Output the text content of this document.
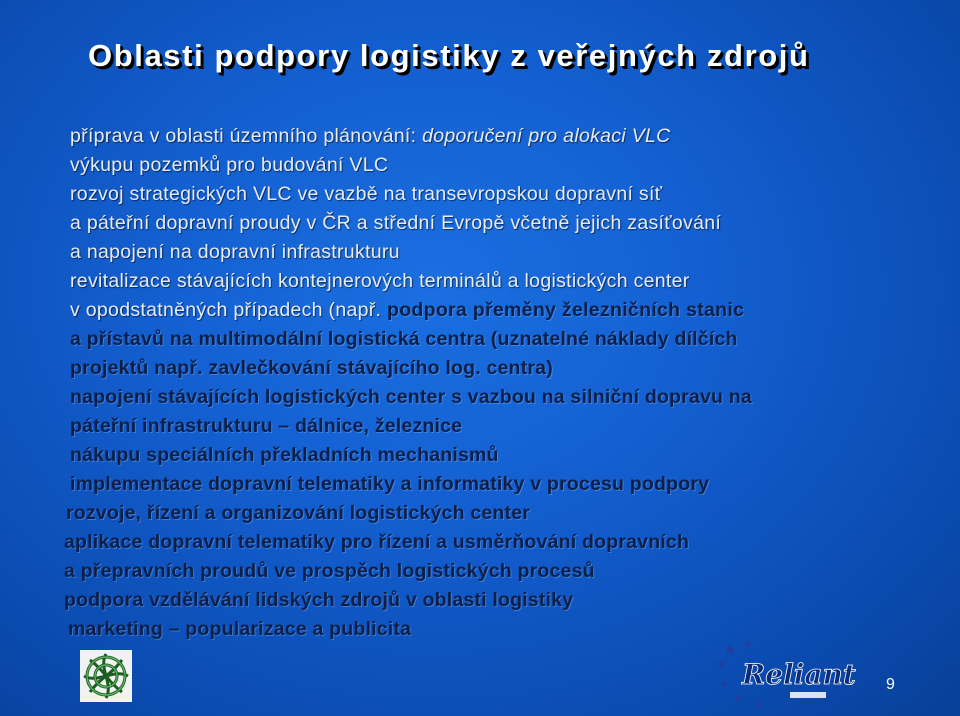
Oblasti podpory logistiky z veřejných zdrojů

příprava v oblasti územního plánování: doporučení pro alokaci VLC

výkupu pozemků pro budování VLC

rozvoj strategických VLC ve vazbě na transevropskou dopravní síť

a páteřní dopravní proudy v ČR a střední Evropě včetně jejich zasíťování

a napojení na dopravní infrastrukturu

revitalizace stávajících kontejnerových terminálů a logistických center

v opodstatněných případech (např. podpora přeměny železničních stanic

a přístavů na multimodální logistická centra (uznatelné náklady dílčích

projektů např. zavlečkování stávajícího log. centra)

napojení stávajících logistických center s vazbou na silniční dopravu na

páteřní infrastrukturu – dálnice, železnice

nákupu speciálních překladních mechanismů

implementace dopravní telematiky a informatiky v procesu podpory

rozvoje, řízení a organizování logistických center

aplikace dopravní telematiky pro řízení a usměrňování dopravních

a přepravních proudů ve prospěch logistických procesů

podpora vzdělávání lidských zdrojů v oblasti logistiky

marketing – popularizace a publicita

Reliant 9
